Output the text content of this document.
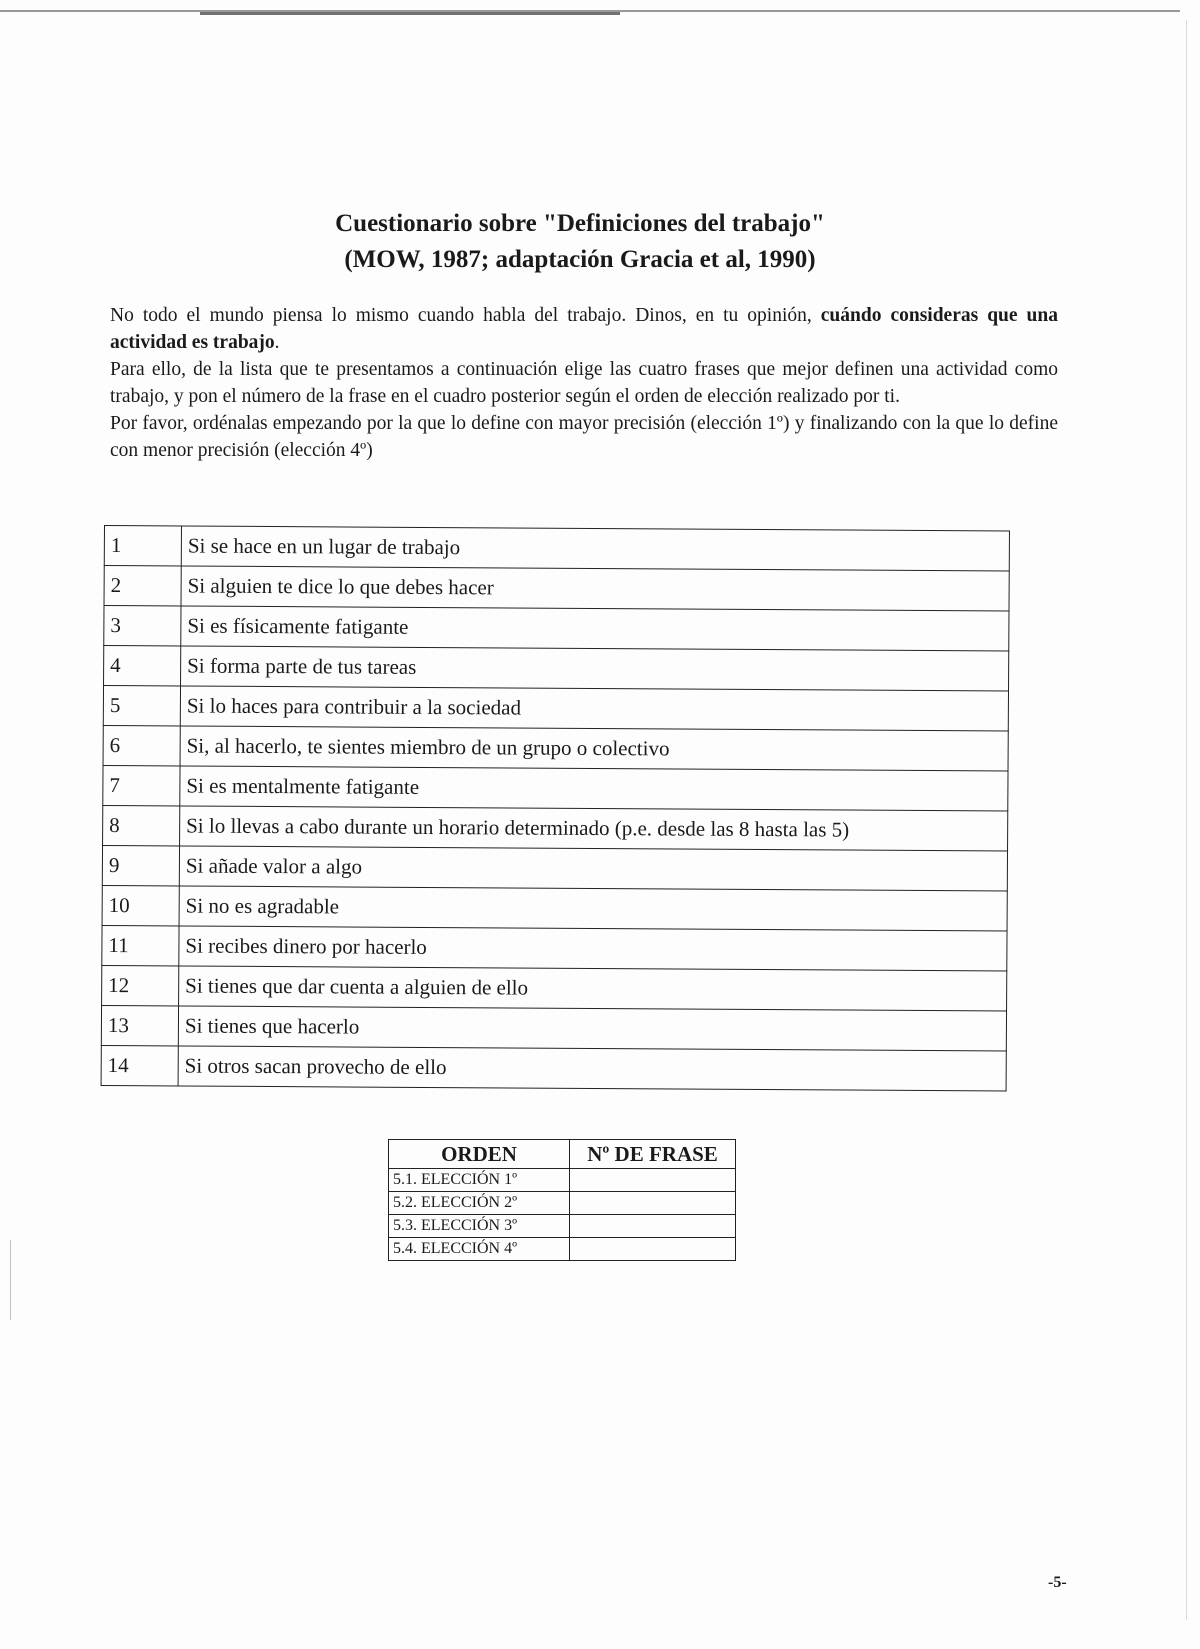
Cuestionario sobre "Definiciones del trabajo"
(MOW, 1987; adaptación Gracia et al, 1990)

No todo el mundo piensa lo mismo cuando habla del trabajo. Dinos, en tu opinión, cuándo consideras que una actividad es trabajo.

Para ello, de la lista que te presentamos a continuación elige las cuatro frases que mejor definen una actividad como trabajo, y pon el número de la frase en el cuadro posterior según el orden de elección realizado por ti.

Por favor, ordénalas empezando por la que lo define con mayor precisión (elección 1º) y finalizando con la que lo define con menor precisión (elección 4º)

1	Si se hace en un lugar de trabajo
2	Si alguien te dice lo que debes hacer
3	Si es físicamente fatigante
4	Si forma parte de tus tareas
5	Si lo haces para contribuir a la sociedad
6	Si, al hacerlo, te sientes miembro de un grupo o colectivo
7	Si es mentalmente fatigante
8	Si lo llevas a cabo durante un horario determinado (p.e. desde las 8 hasta las 5)
9	Si añade valor a algo
10	Si no es agradable
11	Si recibes dinero por hacerlo
12	Si tienes que dar cuenta a alguien de ello
13	Si tienes que hacerlo
14	Si otros sacan provecho de ello
ORDEN	Nº DE FRASE
5.1. ELECCIÓN 1º	
5.2. ELECCIÓN 2º	
5.3. ELECCIÓN 3º	
5.4. ELECCIÓN 4º	
-5-
